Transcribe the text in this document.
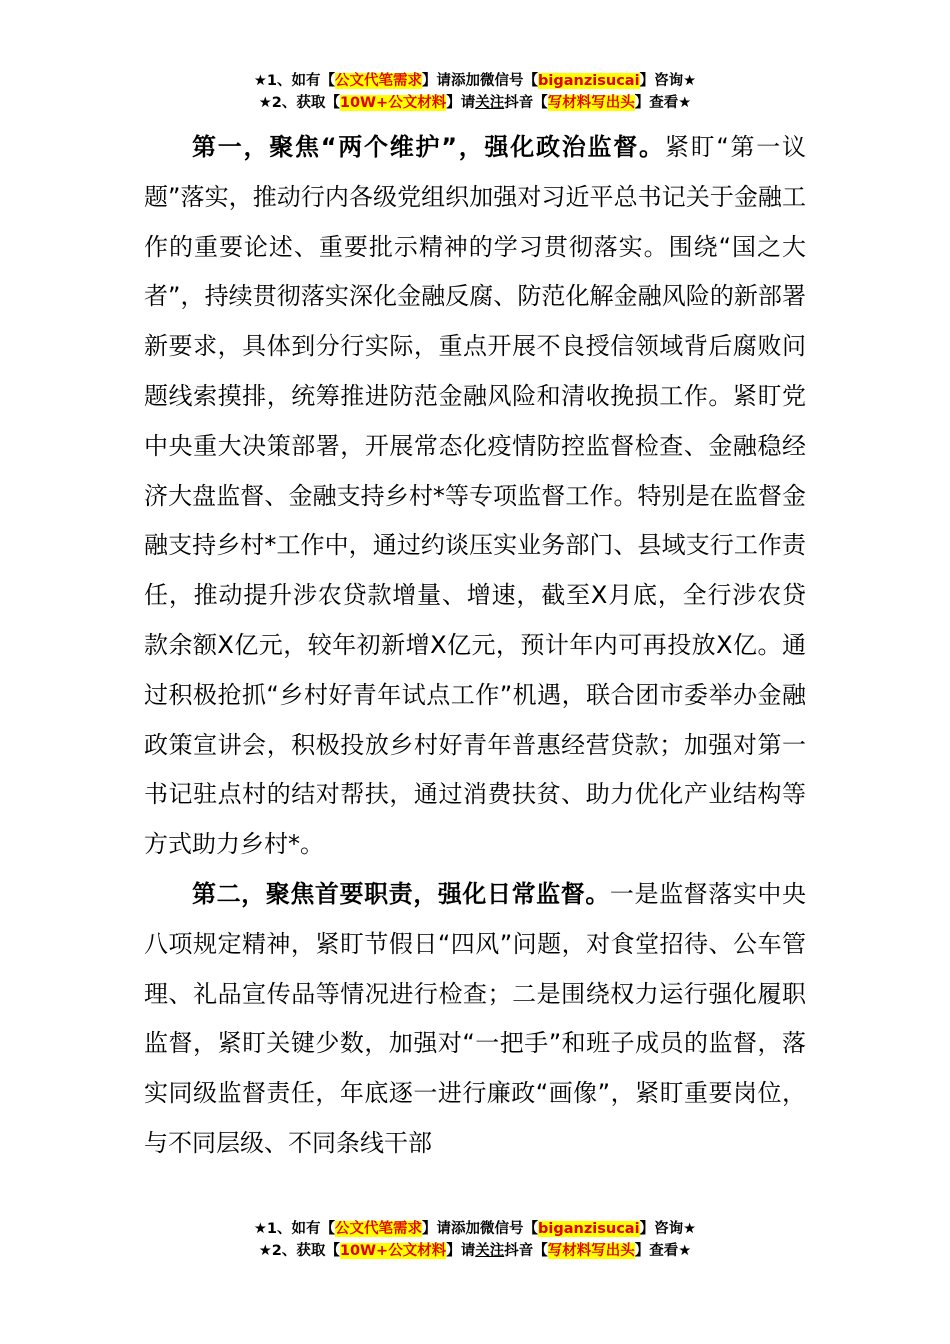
★1、如有【公文代笔需求】请添加微信号【biganzisucai】咨询★
★2、获取【10W+公文材料】请关注抖音【写材料写出头】查看★

第一，聚焦“两个维护”，强化政治监督。紧盯“第一议题”落实，推动行内各级党组织加强对习近平总书记关于金融工作的重要论述、重要批示精神的学习贯彻落实。围绕“国之大者”，持续贯彻落实深化金融反腐、防范化解金融风险的新部署新要求，具体到分行实际，重点开展不良授信领域背后腐败问题线索摸排，统筹推进防范金融风险和清收挽损工作。紧盯党中央重大决策部署，开展常态化疫情防控监督检查、金融稳经济大盘监督、金融支持乡村*等专项监督工作。特别是在监督金融支持乡村*工作中，通过约谈压实业务部门、县域支行工作责任，推动提升涉农贷款增量、增速，截至X月底，全行涉农贷款余额X亿元，较年初新增X亿元，预计年内可再投放X亿。通过积极抢抓“乡村好青年试点工作”机遇，联合团市委举办金融政策宣讲会，积极投放乡村好青年普惠经营贷款；加强对第一书记驻点村的结对帮扶，通过消费扶贫、助力优化产业结构等方式助力乡村*。

第二，聚焦首要职责，强化日常监督。一是监督落实中央八项规定精神，紧盯节假日“四风”问题，对食堂招待、公车管理、礼品宣传品等情况进行检查；二是围绕权力运行强化履职监督，紧盯关键少数，加强对“一把手”和班子成员的监督，落实同级监督责任，年底逐一进行廉政“画像”，紧盯重要岗位，与不同层级、不同条线干部

★1、如有【公文代笔需求】请添加微信号【biganzisucai】咨询★
★2、获取【10W+公文材料】请关注抖音【写材料写出头】查看★
